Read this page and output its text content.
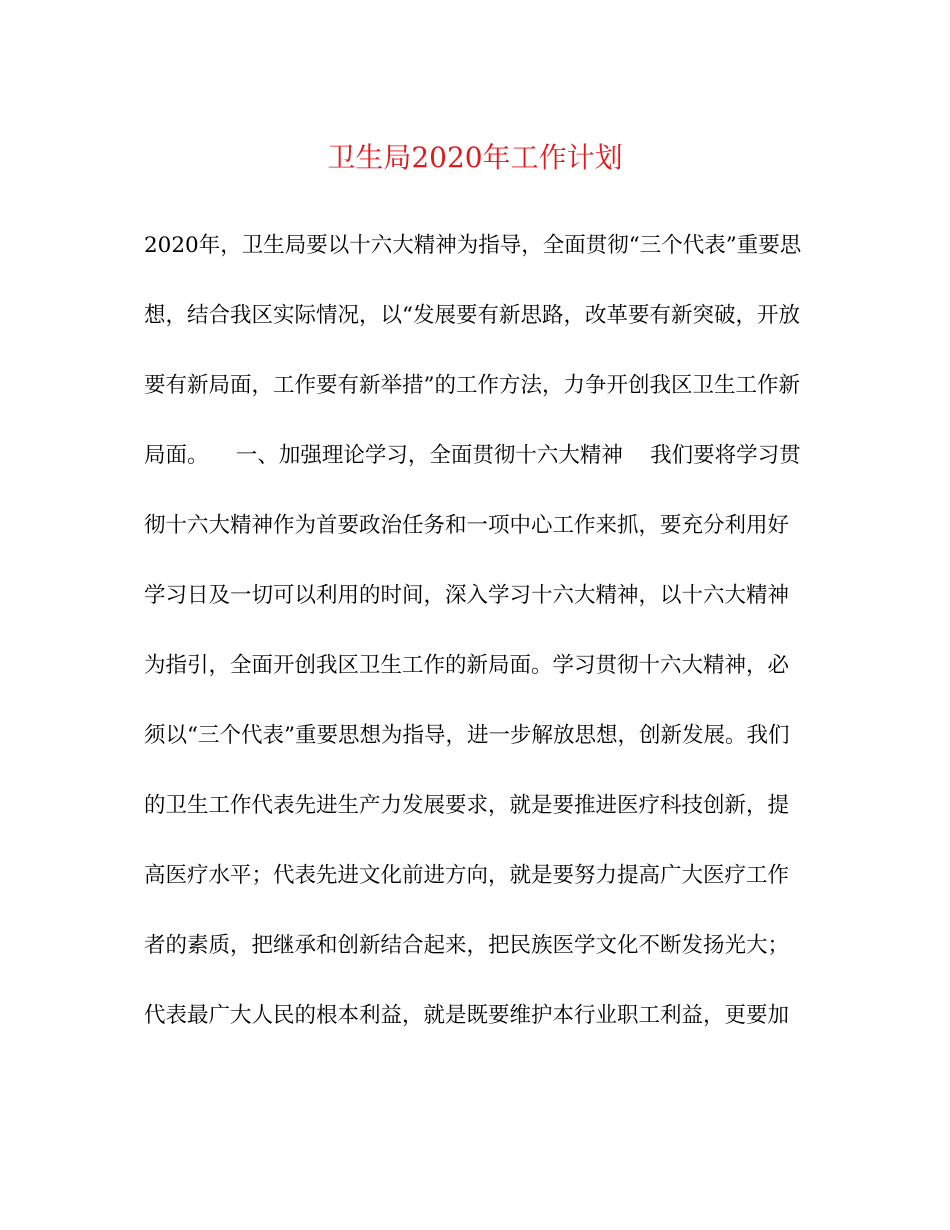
卫生局2020年工作计划
2020年，卫生局要以十六大精神为指导，全面贯彻“三个代表”重要思
想，结合我区实际情况，以“发展要有新思路，改革要有新突破，开放
要有新局面，工作要有新举措”的工作方法，力争开创我区卫生工作新
局面。    一、加强理论学习，全面贯彻十六大精神    我们要将学习贯
彻十六大精神作为首要政治任务和一项中心工作来抓，要充分利用好
学习日及一切可以利用的时间，深入学习十六大精神，以十六大精神
为指引，全面开创我区卫生工作的新局面。学习贯彻十六大精神，必
须以“三个代表”重要思想为指导，进一步解放思想，创新发展。我们
的卫生工作代表先进生产力发展要求，就是要推进医疗科技创新，提
高医疗水平；代表先进文化前进方向，就是要努力提高广大医疗工作
者的素质，把继承和创新结合起来，把民族医学文化不断发扬光大；
代表最广大人民的根本利益，就是既要维护本行业职工利益，更要加
